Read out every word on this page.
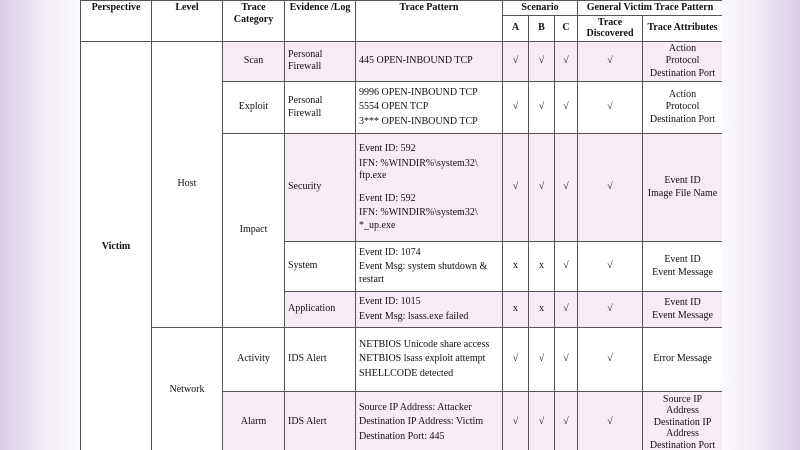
Perspective	Level	Trace Category	Evidence /Log	Trace Pattern	Scenario			General Victim Trace Pattern	
					A	B	C	Trace Discovered	Trace Attributes
Victim	Host	Scan	Personal Firewall	445 OPEN-INBOUND TCP	√	√	√	√	Action
Protocol
Destination Port

		Exploit	Personal Firewall	9996 OPEN-INBOUND TCP
5554 OPEN TCP
3*** OPEN-INBOUND TCP	√	√	√	√	Action
Protocol
Destination Port

		Impact	Security	Event ID: 592
IFN: %WINDIR%\system32\ ftp.exe
Event ID: 592
IFN: %WINDIR%\system32\ *_up.exe	√	√	√	√	Event ID
Image File Name

			System	Event ID: 1074
Event Msg: system shutdown & restart	x	x	√	√	Event ID
Event Message

			Application	Event ID: 1015
Event Msg: lsass.exe failed	x	x	√	√	Event ID
Event Message

	Network	Activity	IDS Alert	NETBIOS Unicode share access
NETBIOS lsass exploit attempt
SHELLCODE detected	√	√	√	√	Error Message

		Alarm	IDS Alert	Source IP Address: Attacker
Destination IP Address: Victim
Destination Port: 445	√	√	√	√	Source IP
Address
Destination IP
Address
Destination Port
